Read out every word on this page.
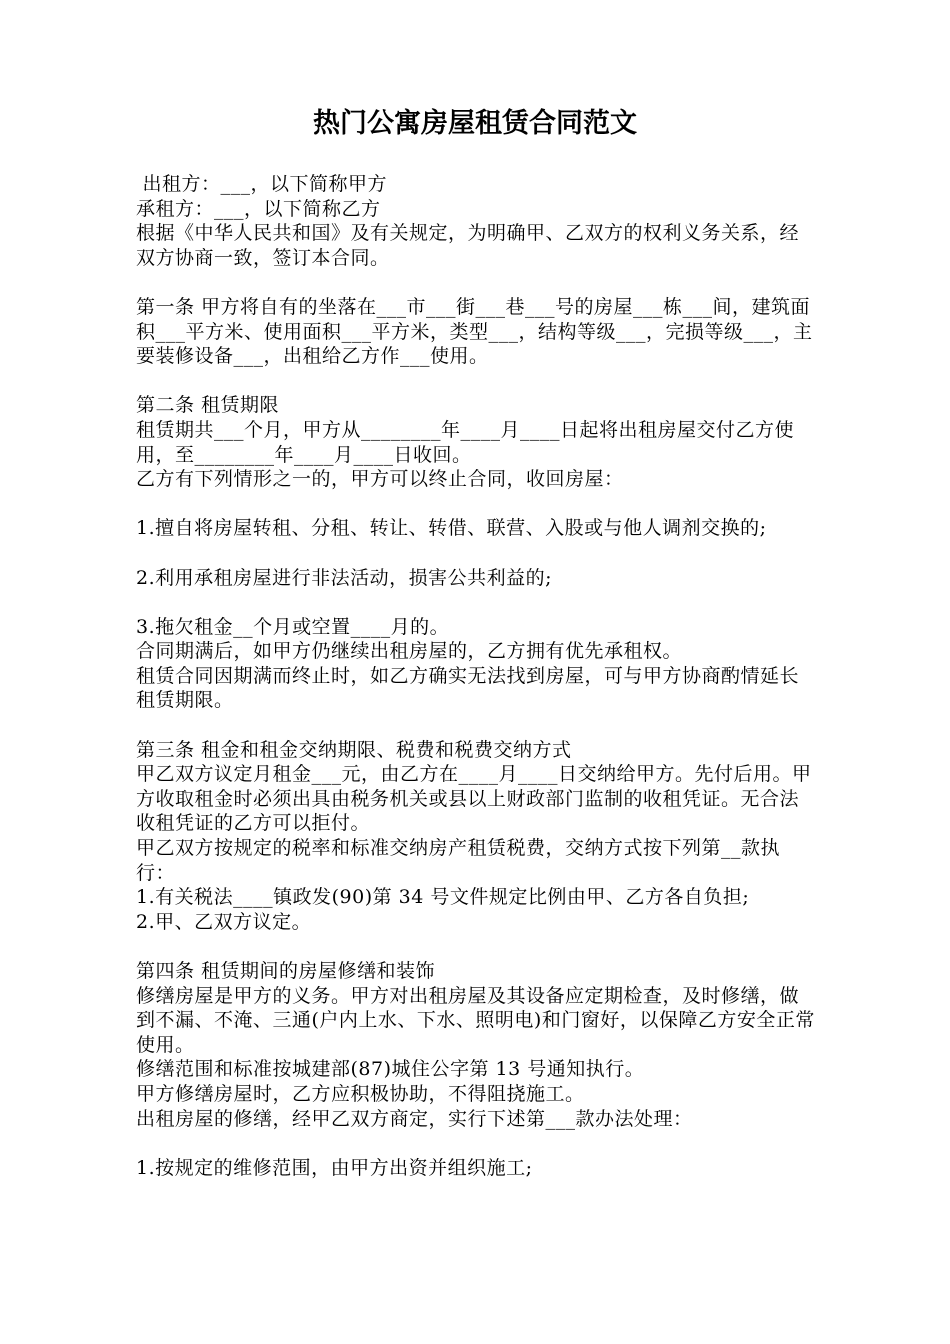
热门公寓房屋租赁合同范文

出租方：___，以下简称甲方

承租方：___，以下简称乙方

根据《中华人民共和国》及有关规定，为明确甲、乙双方的权利义务关系，经双方协商一致，签订本合同。

第一条 甲方将自有的坐落在___市___街___巷___号的房屋___栋___间，建筑面积___平方米、使用面积___平方米，类型___，结构等级___，完损等级___，主要装修设备___，出租给乙方作___使用。

第二条 租赁期限

租赁期共___个月，甲方从________年____月____日起将出租房屋交付乙方使用，至________年____月____日收回。

乙方有下列情形之一的，甲方可以终止合同，收回房屋：

1.擅自将房屋转租、分租、转让、转借、联营、入股或与他人调剂交换的;

2.利用承租房屋进行非法活动，损害公共利益的;

3.拖欠租金__个月或空置____月的。

合同期满后，如甲方仍继续出租房屋的，乙方拥有优先承租权。

租赁合同因期满而终止时，如乙方确实无法找到房屋，可与甲方协商酌情延长租赁期限。

第三条 租金和租金交纳期限、税费和税费交纳方式

甲乙双方议定月租金___元，由乙方在____月____日交纳给甲方。先付后用。甲方收取租金时必须出具由税务机关或县以上财政部门监制的收租凭证。无合法收租凭证的乙方可以拒付。

甲乙双方按规定的税率和标准交纳房产租赁税费，交纳方式按下列第__款执行：

1.有关税法____镇政发(90)第 34 号文件规定比例由甲、乙方各自负担;

2.甲、乙双方议定。

第四条 租赁期间的房屋修缮和装饰

修缮房屋是甲方的义务。甲方对出租房屋及其设备应定期检查，及时修缮，做到不漏、不淹、三通(户内上水、下水、照明电)和门窗好，以保障乙方安全正常使用。

修缮范围和标准按城建部(87)城住公字第 13 号通知执行。

甲方修缮房屋时，乙方应积极协助，不得阻挠施工。

出租房屋的修缮，经甲乙双方商定，实行下述第___款办法处理：

1.按规定的维修范围，由甲方出资并组织施工;
